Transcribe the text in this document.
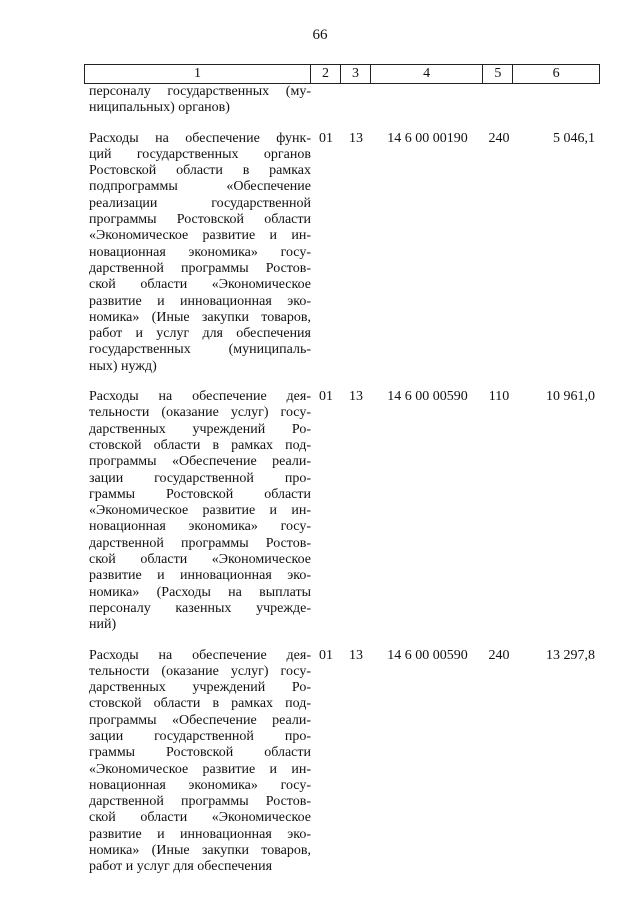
66
1	2	3	4	5	6
персоналу государственных (му-
ниципальных) органов)
Расходы на обеспечение функ-
ций государственных органов
Ростовской области в рамках
подпрограммы «Обеспечение
реализации государственной
программы Ростовской области
«Экономическое развитие и ин-
новационная экономика» госу-
дарственной программы Ростов-
ской области «Экономическое
развитие и инновационная эко-
номика» (Иные закупки товаров,
работ и услуг для обеспечения
государственных (муниципаль-
ных) нужд)
01	13	14 6 00 00190	240	5 046,1
Расходы на обеспечение дея-
тельности (оказание услуг) госу-
дарственных учреждений Ро-
стовской области в рамках под-
программы «Обеспечение реали-
зации государственной про-
граммы Ростовской области
«Экономическое развитие и ин-
новационная экономика» госу-
дарственной программы Ростов-
ской области «Экономическое
развитие и инновационная эко-
номика» (Расходы на выплаты
персоналу казенных учрежде-
ний)
01	13	14 6 00 00590	110	10 961,0
Расходы на обеспечение дея-
тельности (оказание услуг) госу-
дарственных учреждений Ро-
стовской области в рамках под-
программы «Обеспечение реали-
зации государственной про-
граммы Ростовской области
«Экономическое развитие и ин-
новационная экономика» госу-
дарственной программы Ростов-
ской области «Экономическое
развитие и инновационная эко-
номика» (Иные закупки товаров,
работ и услуг для обеспечения
01	13	14 6 00 00590	240	13 297,8
